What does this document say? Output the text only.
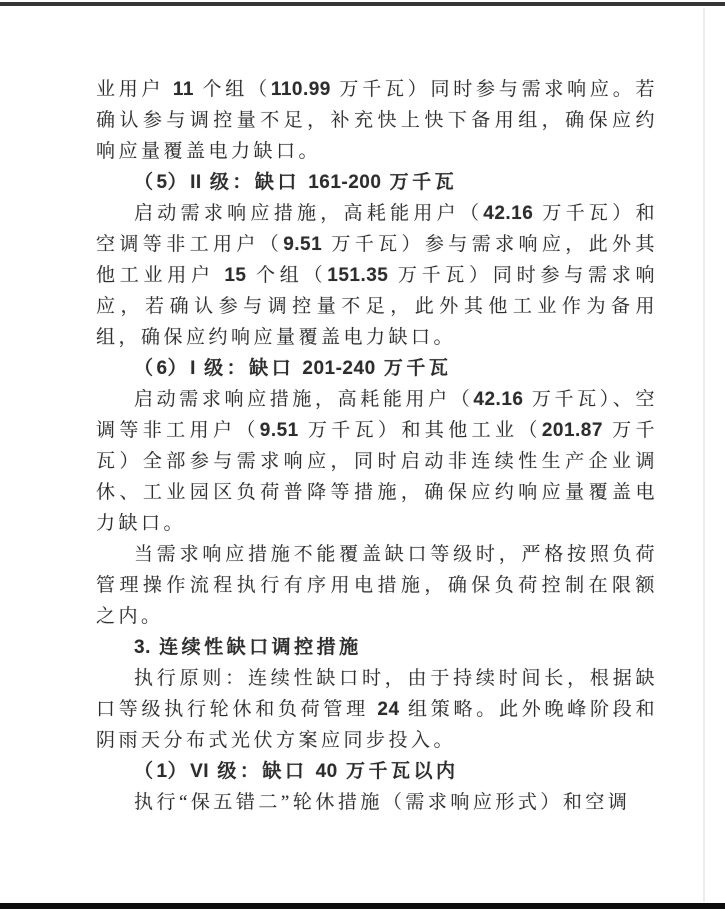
业用户 11 个组（110.99 万千瓦）同时参与需求响应。若确认参与调控量不足，补充快上快下备用组，确保应约响应量覆盖电力缺口。

（5）II 级：缺口 161-200 万千瓦

启动需求响应措施，高耗能用户（42.16 万千瓦）和空调等非工用户（9.51 万千瓦）参与需求响应，此外其他工业用户 15 个组（151.35 万千瓦）同时参与需求响应，若确认参与调控量不足，此外其他工业作为备用组，确保应约响应量覆盖电力缺口。

（6）I 级：缺口 201-240 万千瓦

启动需求响应措施，高耗能用户（42.16 万千瓦）、空调等非工用户（9.51 万千瓦）和其他工业（201.87 万千瓦）全部参与需求响应，同时启动非连续性生产企业调休、工业园区负荷普降等措施，确保应约响应量覆盖电力缺口。

当需求响应措施不能覆盖缺口等级时，严格按照负荷管理操作流程执行有序用电措施，确保负荷控制在限额之内。

3. 连续性缺口调控措施

执行原则：连续性缺口时，由于持续时间长，根据缺口等级执行轮休和负荷管理 24 组策略。此外晚峰阶段和阴雨天分布式光伏方案应同步投入。

（1）VI 级：缺口 40 万千瓦以内

执行“保五错二”轮休措施（需求响应形式）和空调
